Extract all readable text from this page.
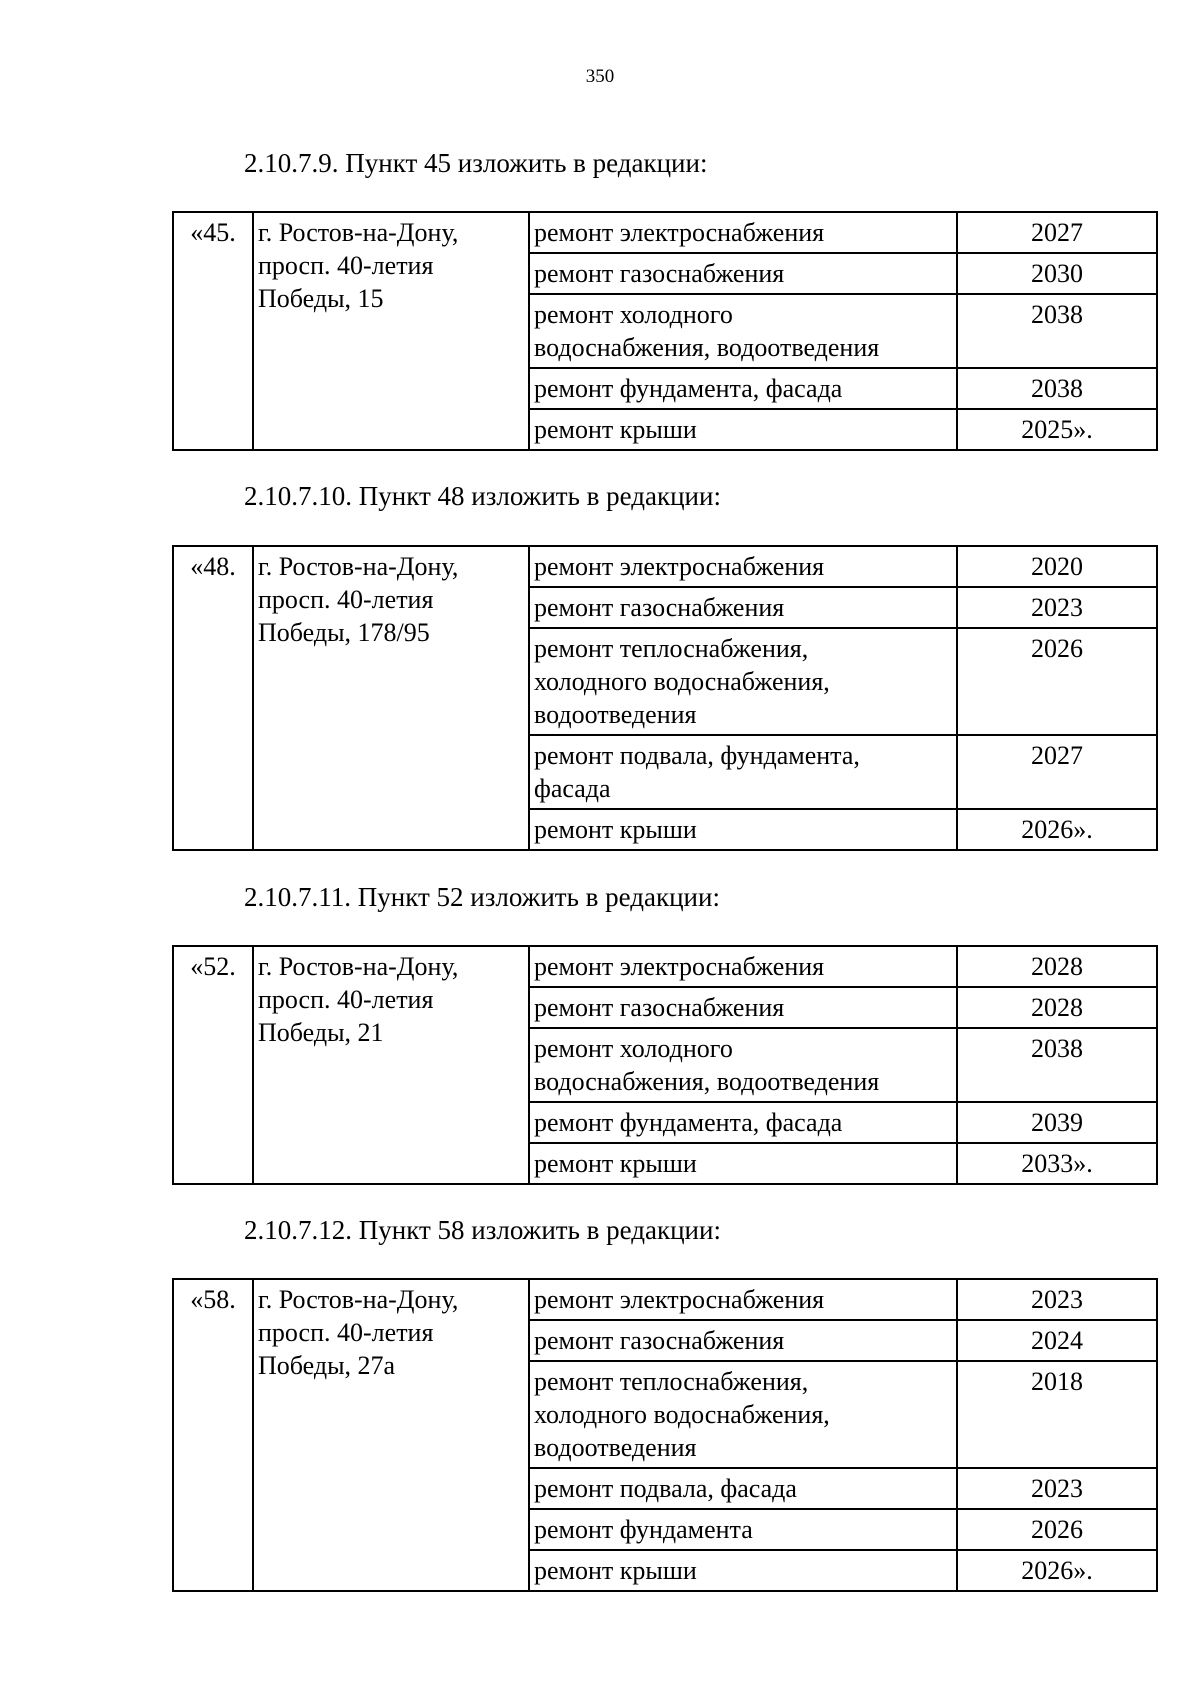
350
2.10.7.9. Пункт 45 изложить в редакции:
«45.	г. Ростов-на-Дону,
просп. 40-летия
Победы, 15	ремонт электроснабжения	2027
		ремонт газоснабжения	2030
		ремонт холодного
водоснабжения, водоотведения	2038
		ремонт фундамента, фасада	2038
		ремонт крыши	2025».
2.10.7.10. Пункт 48 изложить в редакции:
«48.	г. Ростов-на-Дону,
просп. 40-летия
Победы, 178/95	ремонт электроснабжения	2020
		ремонт газоснабжения	2023
		ремонт теплоснабжения,
холодного водоснабжения,
водоотведения	2026
		ремонт подвала, фундамента,
фасада	2027
		ремонт крыши	2026».
2.10.7.11. Пункт 52 изложить в редакции:
«52.	г. Ростов-на-Дону,
просп. 40-летия
Победы, 21	ремонт электроснабжения	2028
		ремонт газоснабжения	2028
		ремонт холодного
водоснабжения, водоотведения	2038
		ремонт фундамента, фасада	2039
		ремонт крыши	2033».
2.10.7.12. Пункт 58 изложить в редакции:
«58.	г. Ростов-на-Дону,
просп. 40-летия
Победы, 27а	ремонт электроснабжения	2023
		ремонт газоснабжения	2024
		ремонт теплоснабжения,
холодного водоснабжения,
водоотведения	2018
		ремонт подвала, фасада	2023
		ремонт фундамента	2026
		ремонт крыши	2026».
